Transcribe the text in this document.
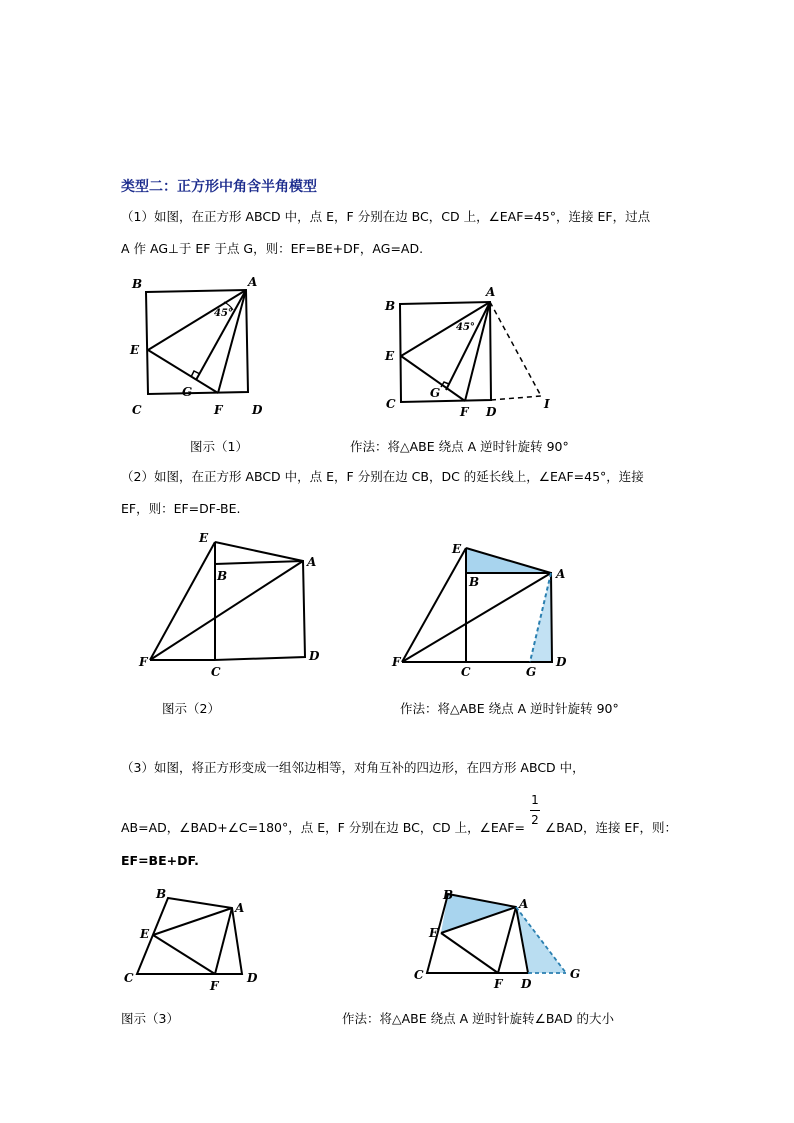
类型二：正方形中角含半角模型
（1）如图，在正方形 ABCD 中，点 E，F 分别在边 BC，CD 上，∠EAF=45°，连接 EF，过点
A 作 AG⊥于 EF 于点 G，则：EF=BE+DF，AG=AD.
B	A
E
45°
G
C	F D
B
A
E
45°
G
C
F D
I
图示（1）	作法：将△ABE 绕点 A 逆时针旋转 90°
（2）如图，在正方形 ABCD 中，点 E，F 分别在边 CB，DC 的延长线上，∠EAF=45°，连接
EF，则：EF=DF-BE.
E
B
A
F
C
D
E
B
A
F
C	G
D
图示（2）	作法：将△ABE 绕点 A 逆时针旋转 90°
（3）如图，将正方形变成一组邻边相等，对角互补的四边形，在四方形 ABCD 中，
1
2
AB=AD，∠BAD+∠C=180°，点 E，F 分别在边 BC，CD 上，∠EAF= ∠BAD，连接 EF，则：
EF=BE+DF.
B
A
E
C
F
D
B
A
E
C
F D
G
图示（3）	作法：将△ABE 绕点 A 逆时针旋转∠BAD 的大小
